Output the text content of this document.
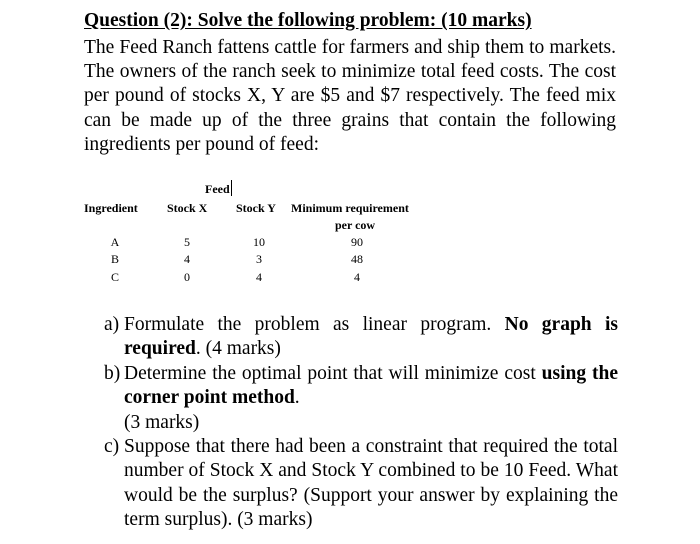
Question (2): Solve the following problem: (10 marks)
The Feed Ranch fattens cattle for farmers and ship them to markets. The owners of the ranch seek to minimize total feed costs. The cost per pound of stocks X, Y are $5 and $7 respectively. The feed mix can be made up of the three grains that contain the following ingredients per pound of feed:
Feed
Ingredient Stock X Stock Y Minimum requirement
per cow
A	5	10	90
B	4	3	48
C	0	4	4
a) Formulate the problem as linear program. No graph is required. (4 marks)
b) Determine the optimal point that will minimize cost using the corner point method.
(3 marks)
c) Suppose that there had been a constraint that required the total number of Stock X and Stock Y combined to be 10 Feed. What would be the surplus? (Support your answer by explaining the term surplus). (3 marks)
